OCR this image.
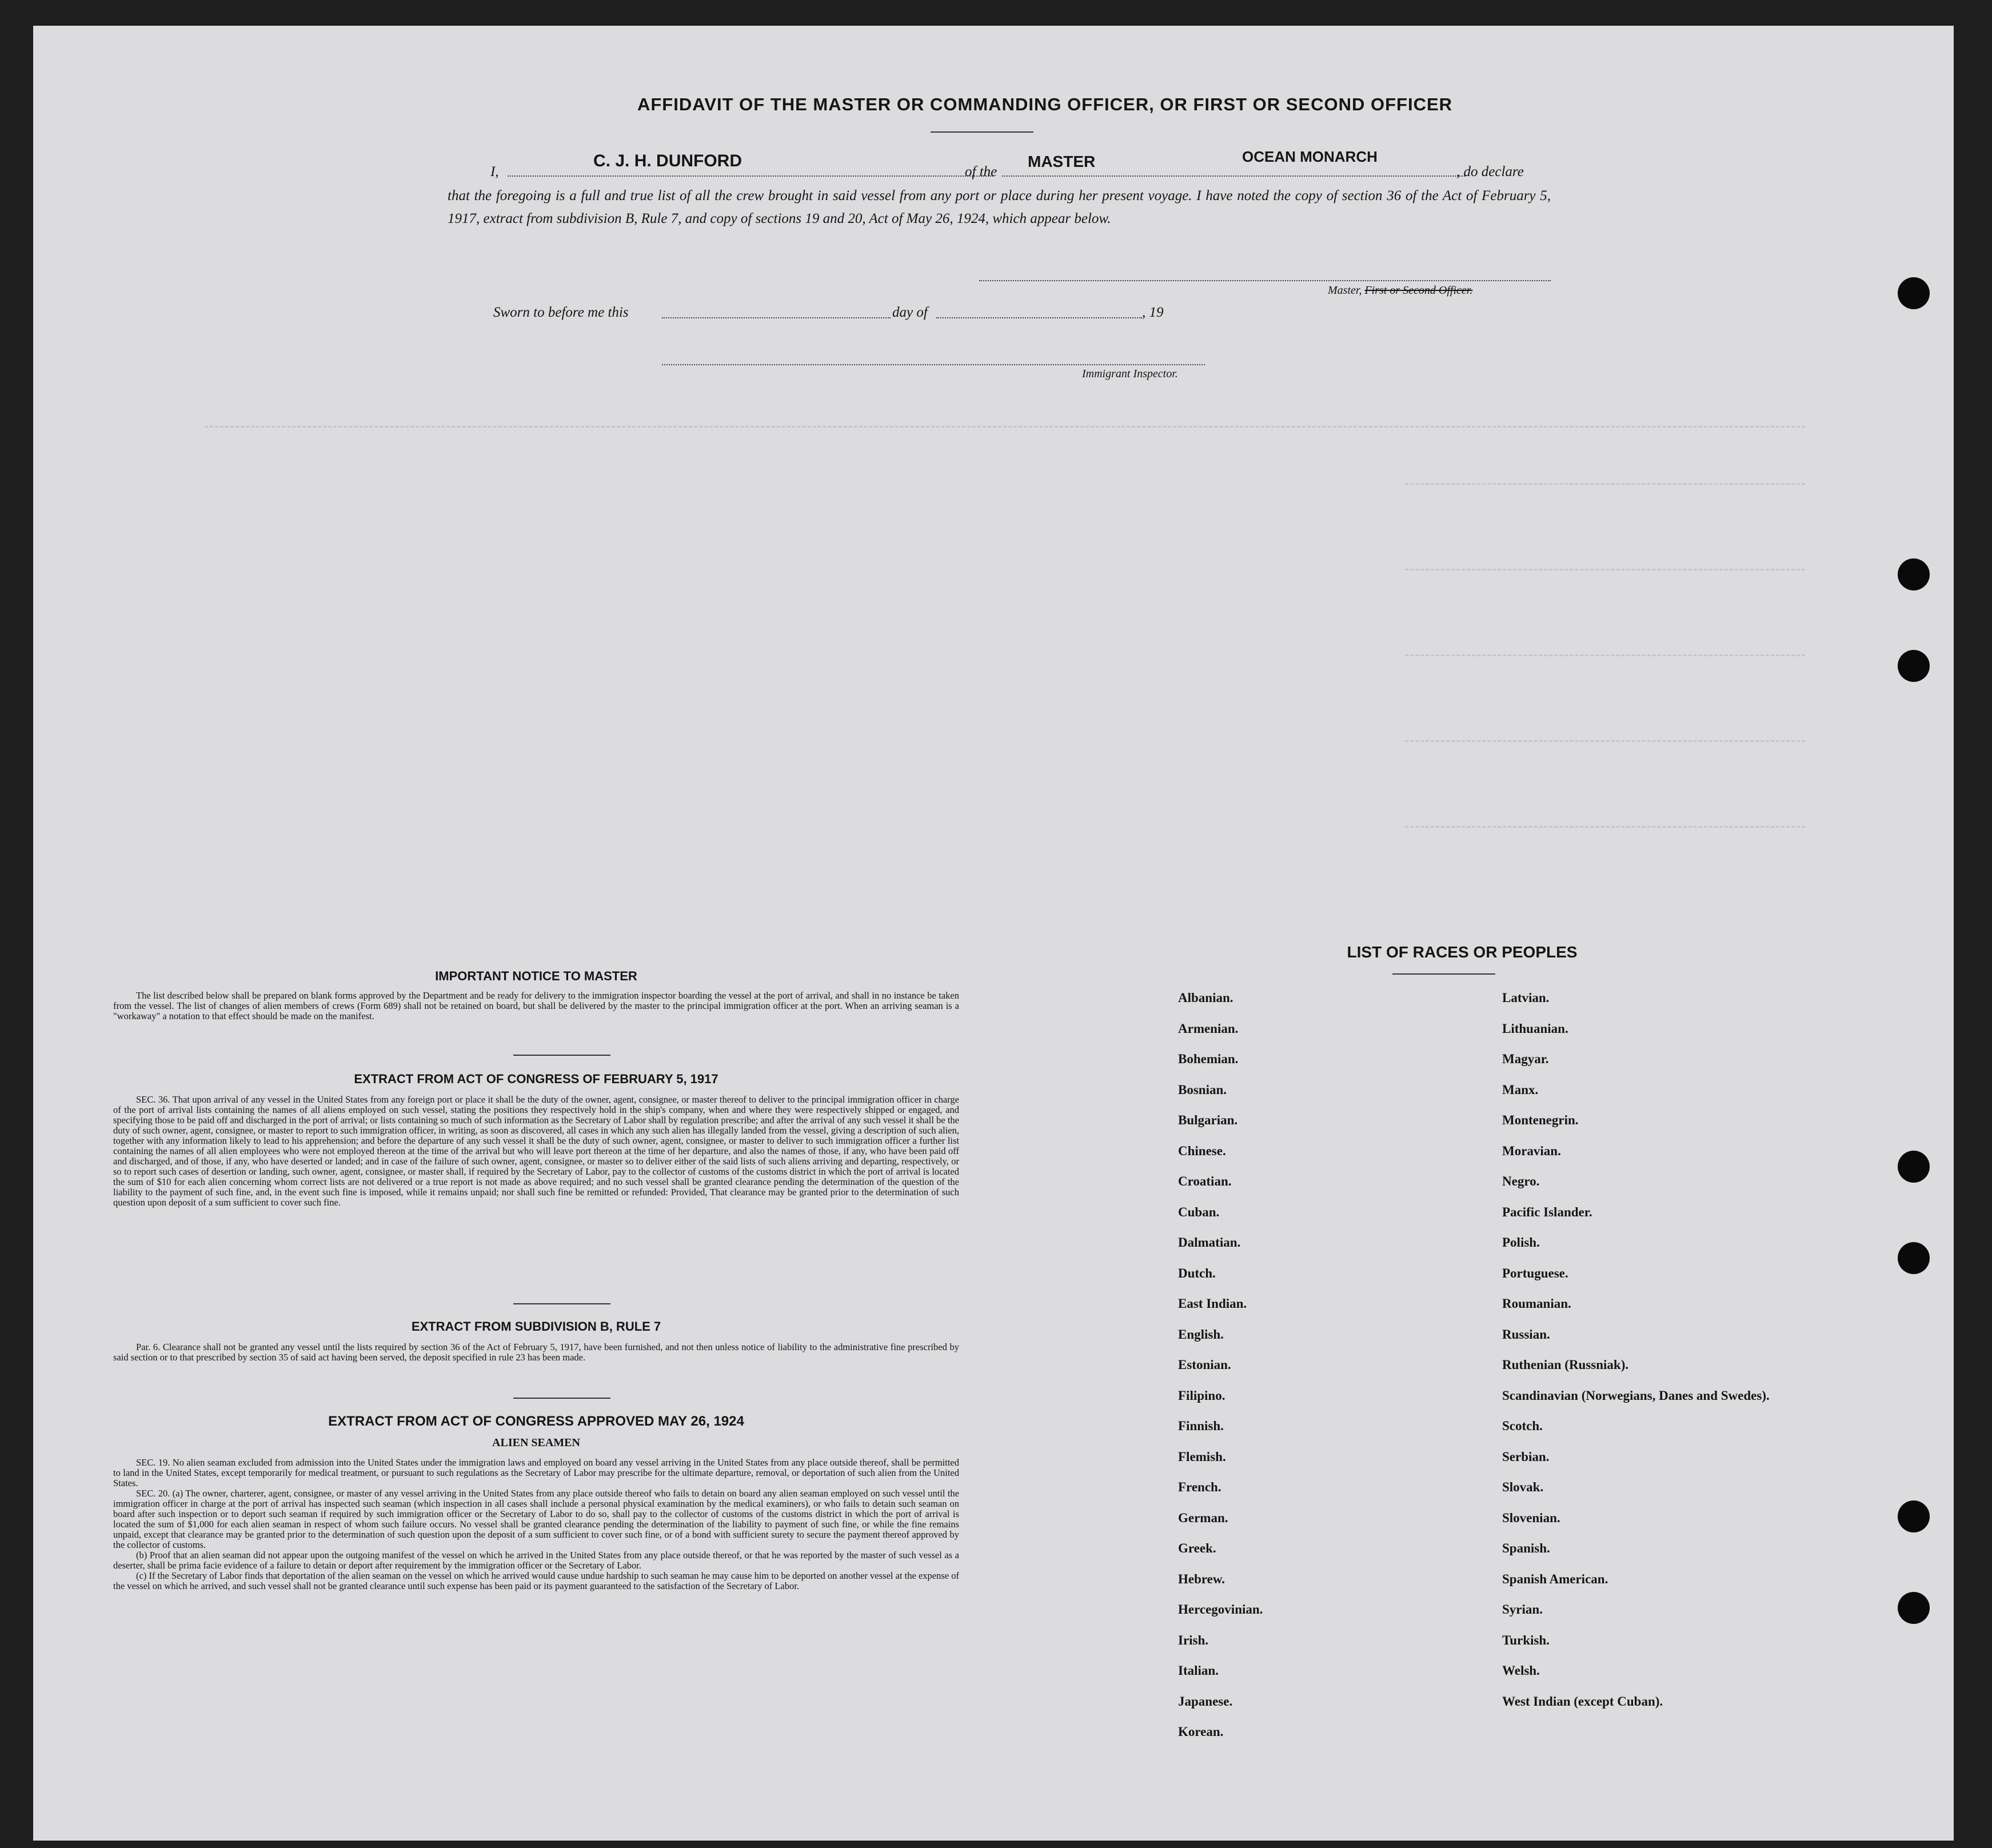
AFFIDAVIT OF THE MASTER OR COMMANDING OFFICER, OR FIRST OR SECOND OFFICER
I,
C. J. H. DUNFORD
of the
MASTER	OCEAN MONARCH
, do declare
that the foregoing is a full and true list of all the crew brought in said vessel from any port or place during her present voyage. I have noted the copy of section 36 of the Act of February 5, 1917, extract from subdivision B, Rule 7, and copy of sections 19 and 20, Act of May 26, 1924, which appear below.
Master, First or Second Officer.
Sworn to before me this	day of	, 19
Immigrant Inspector.
IMPORTANT NOTICE TO MASTER

The list described below shall be prepared on blank forms approved by the Department and be ready for delivery to the immigration inspector boarding the vessel at the port of arrival, and shall in no instance be taken from the vessel. The list of changes of alien members of crews (Form 689) shall not be retained on board, but shall be delivered by the master to the principal immigration officer at the port. When an arriving seaman is a "workaway" a notation to that effect should be made on the manifest.

EXTRACT FROM ACT OF CONGRESS OF FEBRUARY 5, 1917

SEC. 36. That upon arrival of any vessel in the United States from any foreign port or place it shall be the duty of the owner, agent, consignee, or master thereof to deliver to the principal immigration officer in charge of the port of arrival lists containing the names of all aliens employed on such vessel, stating the positions they respectively hold in the ship's company, when and where they were respectively shipped or engaged, and specifying those to be paid off and discharged in the port of arrival; or lists containing so much of such information as the Secretary of Labor shall by regulation prescribe; and after the arrival of any such vessel it shall be the duty of such owner, agent, consignee, or master to report to such immigration officer, in writing, as soon as discovered, all cases in which any such alien has illegally landed from the vessel, giving a description of such alien, together with any information likely to lead to his apprehension; and before the departure of any such vessel it shall be the duty of such owner, agent, consignee, or master to deliver to such immigration officer a further list containing the names of all alien employees who were not employed thereon at the time of the arrival but who will leave port thereon at the time of her departure, and also the names of those, if any, who have been paid off and discharged, and of those, if any, who have deserted or landed; and in case of the failure of such owner, agent, consignee, or master so to deliver either of the said lists of such aliens arriving and departing, respectively, or so to report such cases of desertion or landing, such owner, agent, consignee, or master shall, if required by the Secretary of Labor, pay to the collector of customs of the customs district in which the port of arrival is located the sum of $10 for each alien concerning whom correct lists are not delivered or a true report is not made as above required; and no such vessel shall be granted clearance pending the determination of the question of the liability to the payment of such fine, and, in the event such fine is imposed, while it remains unpaid; nor shall such fine be remitted or refunded: Provided, That clearance may be granted prior to the determination of such question upon deposit of a sum sufficient to cover such fine.

EXTRACT FROM SUBDIVISION B, RULE 7

Par. 6. Clearance shall not be granted any vessel until the lists required by section 36 of the Act of February 5, 1917, have been furnished, and not then unless notice of liability to the administrative fine prescribed by said section or to that prescribed by section 35 of said act having been served, the deposit specified in rule 23 has been made.

EXTRACT FROM ACT OF CONGRESS APPROVED MAY 26, 1924
ALIEN SEAMEN

SEC. 19. No alien seaman excluded from admission into the United States under the immigration laws and employed on board any vessel arriving in the United States from any place outside thereof, shall be permitted to land in the United States, except temporarily for medical treatment, or pursuant to such regulations as the Secretary of Labor may prescribe for the ultimate departure, removal, or deportation of such alien from the United States.

SEC. 20. (a) The owner, charterer, agent, consignee, or master of any vessel arriving in the United States from any place outside thereof who fails to detain on board any alien seaman employed on such vessel until the immigration officer in charge at the port of arrival has inspected such seaman (which inspection in all cases shall include a personal physical examination by the medical examiners), or who fails to detain such seaman on board after such inspection or to deport such seaman if required by such immigration officer or the Secretary of Labor to do so, shall pay to the collector of customs of the customs district in which the port of arrival is located the sum of $1,000 for each alien seaman in respect of whom such failure occurs. No vessel shall be granted clearance pending the determination of the liability to payment of such fine, or while the fine remains unpaid, except that clearance may be granted prior to the determination of such question upon the deposit of a sum sufficient to cover such fine, or of a bond with sufficient surety to secure the payment thereof approved by the collector of customs.

(b) Proof that an alien seaman did not appear upon the outgoing manifest of the vessel on which he arrived in the United States from any place outside thereof, or that he was reported by the master of such vessel as a deserter, shall be prima facie evidence of a failure to detain or deport after requirement by the immigration officer or the Secretary of Labor.

(c) If the Secretary of Labor finds that deportation of the alien seaman on the vessel on which he arrived would cause undue hardship to such seaman he may cause him to be deported on another vessel at the expense of the vessel on which he arrived, and such vessel shall not be granted clearance until such expense has been paid or its payment guaranteed to the satisfaction of the Secretary of Labor.

LIST OF RACES OR PEOPLES
Albanian.
Armenian.
Bohemian.
Bosnian.
Bulgarian.
Chinese.
Croatian.
Cuban.
Dalmatian.
Dutch.
East Indian.
English.
Estonian.
Filipino.
Finnish.
Flemish.
French.
German.
Greek.
Hebrew.
Hercegovinian.
Irish.
Italian.
Japanese.
Korean.
Latvian.
Lithuanian.
Magyar.
Manx.
Montenegrin.
Moravian.
Negro.
Pacific Islander.
Polish.
Portuguese.
Roumanian.
Russian.
Ruthenian (Russniak).
Scandinavian (Norwegians, Danes and Swedes).
Scotch.
Serbian.
Slovak.
Slovenian.
Spanish.
Spanish American.
Syrian.
Turkish.
Welsh.
West Indian (except Cuban).
